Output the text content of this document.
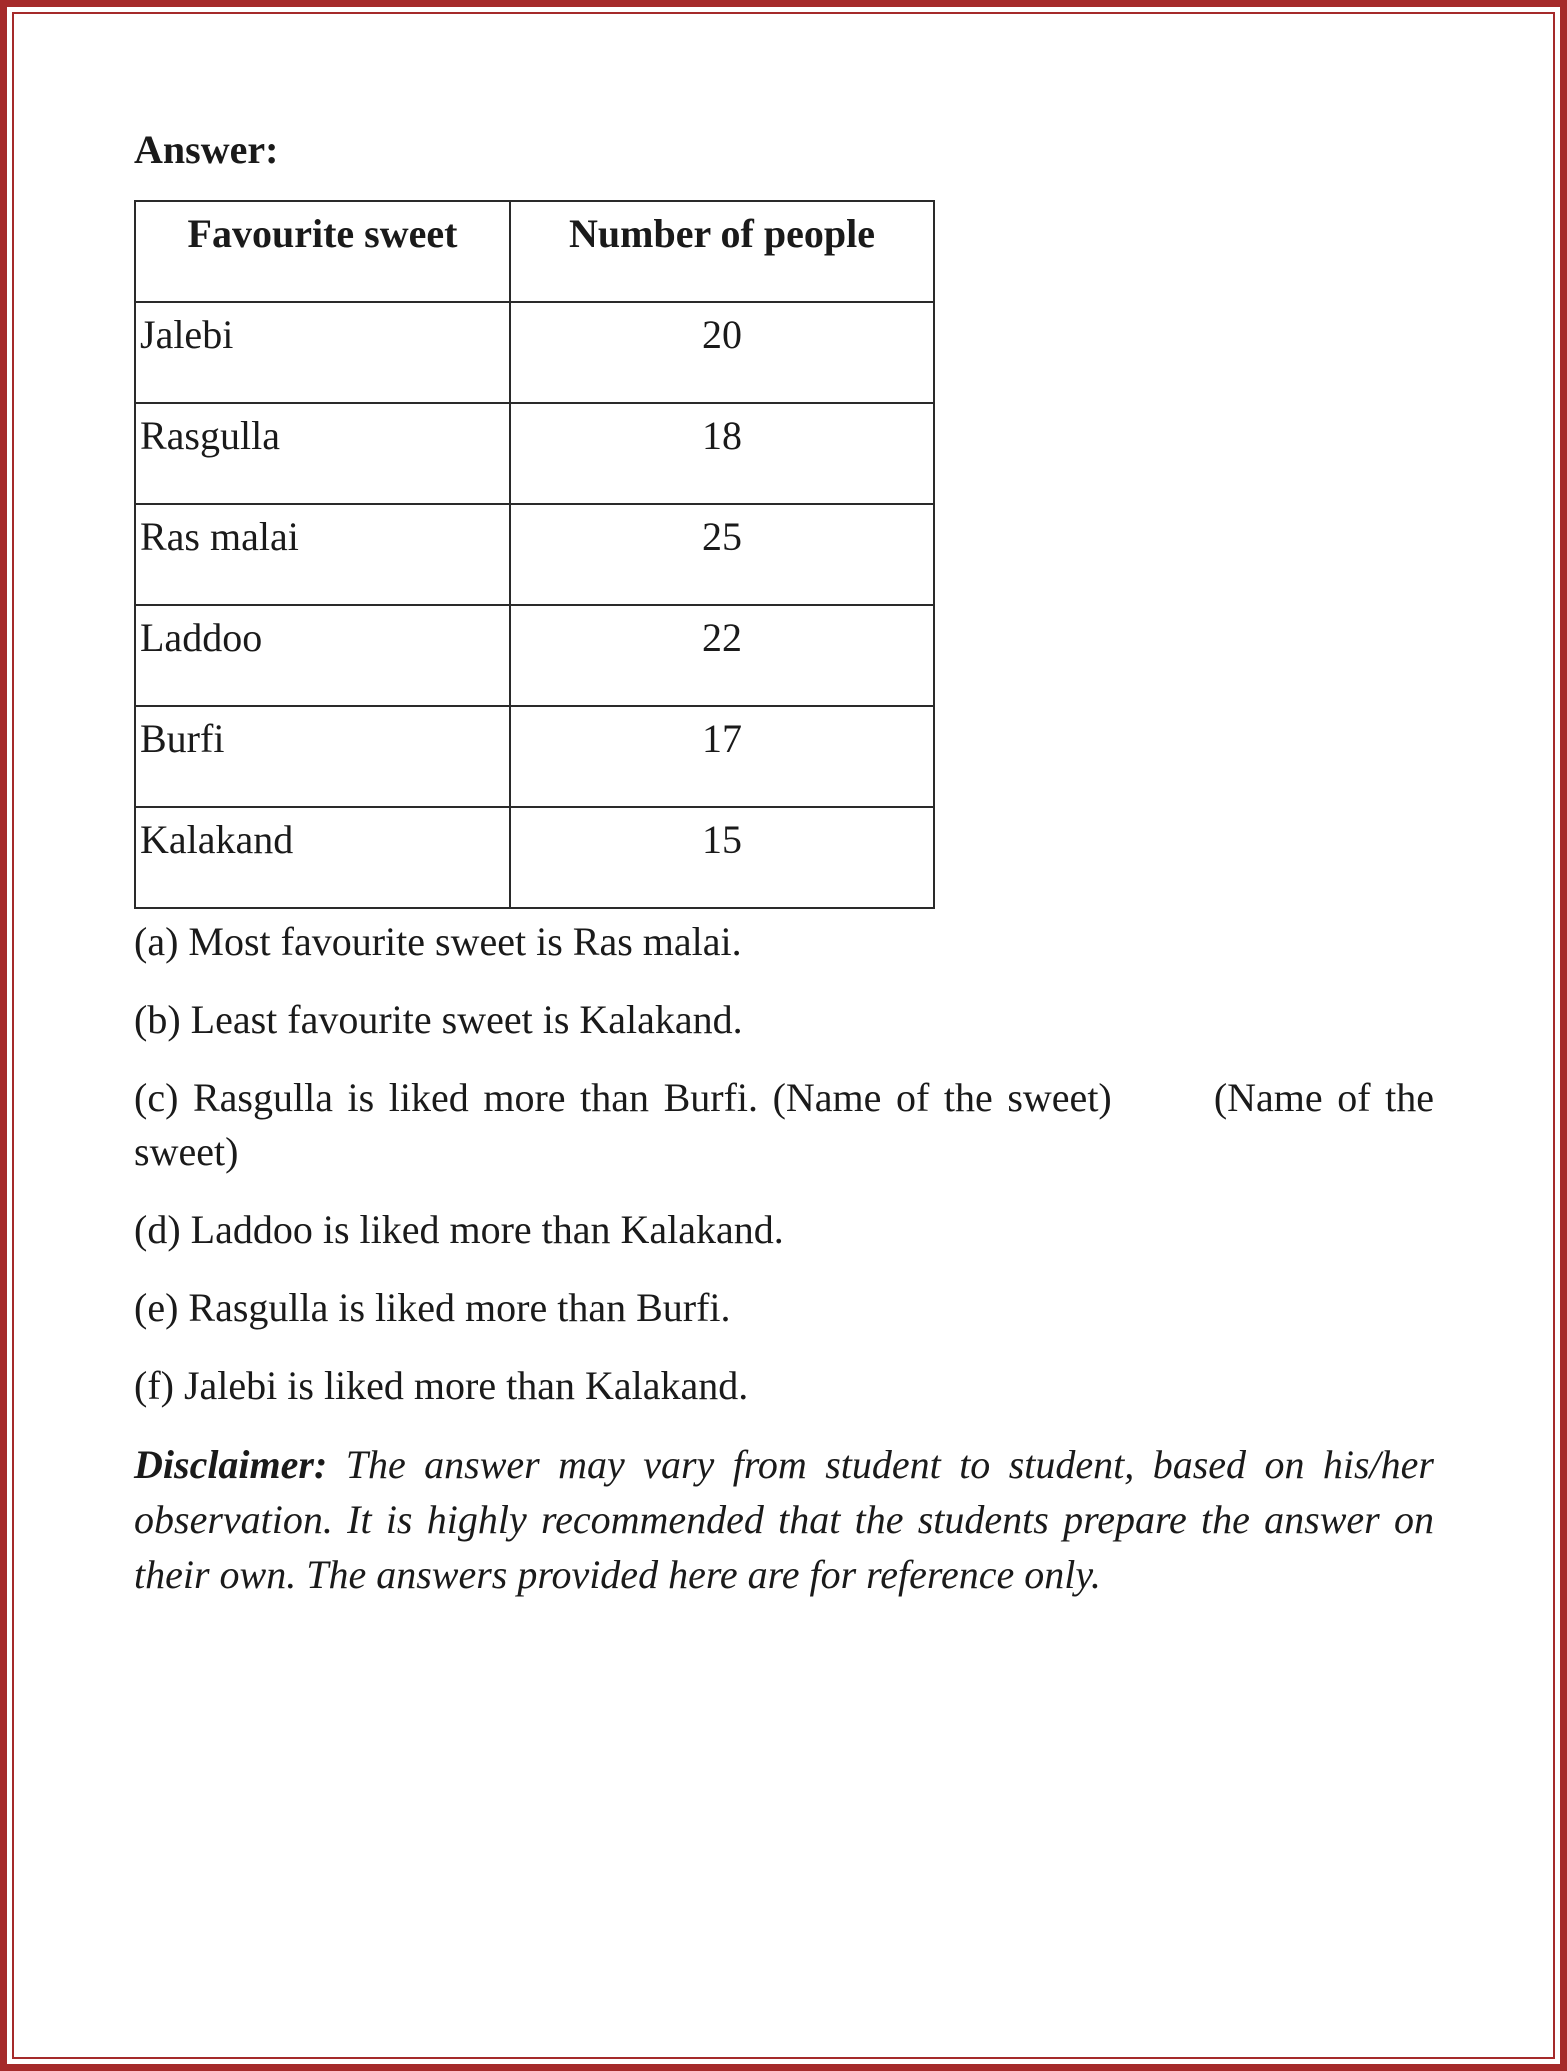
Answer:
Favourite sweet	Number of people
Jalebi	20
Rasgulla	18
Ras malai	25
Laddoo	22
Burfi	17
Kalakand	15

(a) Most favourite sweet is Ras malai.

(b) Least favourite sweet is Kalakand.

(c) Rasgulla is liked more than Burfi. (Name of the sweet)       (Name of the sweet)

(d) Laddoo is liked more than Kalakand.

(e) Rasgulla is liked more than Burfi.

(f) Jalebi is liked more than Kalakand.

Disclaimer: The answer may vary from student to student, based on his/her observation. It is highly recommended that the students prepare the answer on their own. The answers provided here are for reference only.
